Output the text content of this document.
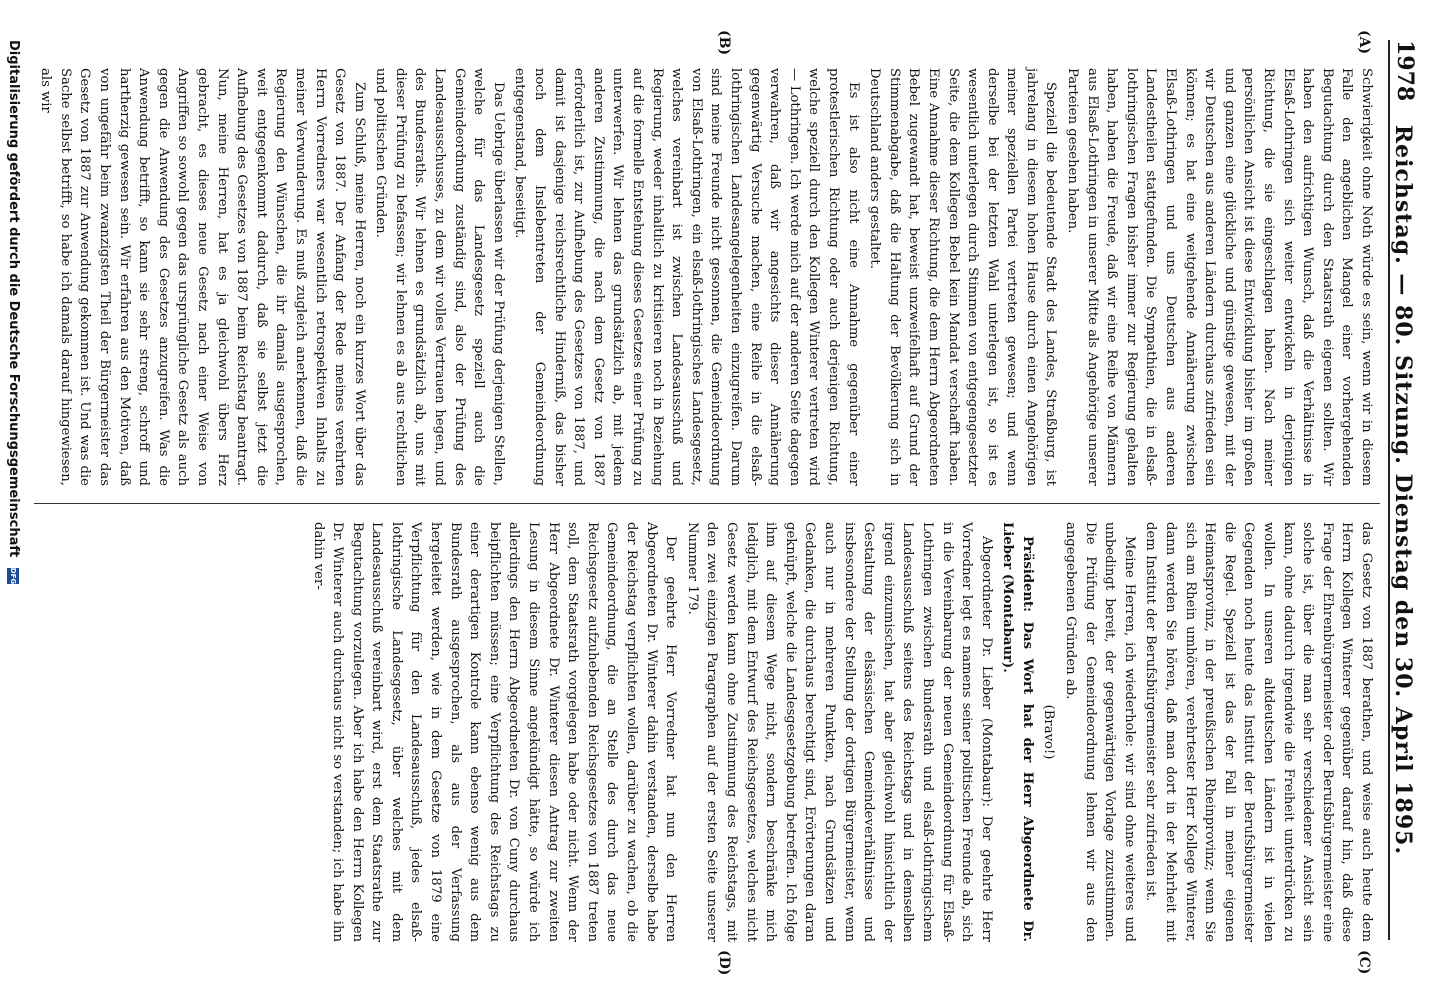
1978
Reichstag. — 80. Sitzung. Dienstag den 30. April 1895.
(A)
(B)
(C)
(D)

Schwierigkeit ohne Noth würde es sein, wenn wir in diesem Falle den angeblichen Mangel einer vorhergehenden Begutachtung durch den Staatsrath eigenen sollten. Wir haben den aufrichtigen Wunsch, daß die Verhältnisse in Elsaß-Lothringen sich weiter entwickeln in derjenigen Richtung, die sie eingeschlagen haben. Nach meiner persönlichen Ansicht ist diese Entwicklung bisher im großen und ganzen eine glückliche und günstige gewesen, mit der wir Deutschen aus anderen Ländern durchaus zufrieden sein können; es hat eine weitgehende Annäherung zwischen Elsaß-Lothringen und uns Deutschen aus anderen Landestheilen stattgefunden. Die Sympathien, die in elsaß-lothringischen Fragen bisher immer zur Regierung gehalten haben, haben die Freude, daß wir eine Reihe von Männern aus Elsaß-Lothringen in unserer Mitte als Angehörige unserer Parteien gesehen haben.

Speziell die bedeutende Stadt des Landes, Straßburg, ist jahrelang in diesem hohen Hause durch einen Angehörigen meiner speziellen Partei vertreten gewesen; und wenn derselbe bei der letzten Wahl unterlegen ist, so ist es wesentlich unterlegen durch Stimmen von entgegengesetzter Seite, die dem Kollegen Bebel kein Mandat verschafft haben. Eine Annahme dieser Richtung, die dem Herrn Abgeordneten Bebel zugewandt hat, beweist unzweifelhaft auf Grund der Stimmenabgabe, daß die Haltung der Bevölkerung sich in Deutschland anders gestaltet.

Es ist also nicht eine Annahme gegenüber einer protestlerischen Richtung oder auch derjenigen Richtung, welche speziell durch den Kollegen Winterer vertreten wird — Lothringen. Ich werde mich auf der anderen Seite dagegen verwahren, daß wir angesichts dieser Annäherung gegenwärtig Versuche machen, eine Reihe in die elsaß-lothringischen Landesangelegenheiten einzugreifen. Darum sind meine Freunde nicht gesonnen, die Gemeindeordnung von Elsaß-Lothringen, ein elsaß-lothringisches Landesgesetz, welches vereinbart ist zwischen Landesausschuß und Regierung, weder inhaltlich zu kritisieren noch in Beziehung auf die formelle Entstehung dieses Gesetzes einer Prüfung zu unterwerfen. Wir lehnen das grundsätzlich ab, mit jedem anderen Zustimmung, die nach dem Gesetz von 1887 erforderlich ist, zur Aufhebung des Gesetzes von 1887, und damit ist dasjenige reichsrechtliche Hinderniß, das bisher noch dem Inslebentreten der Gemeindeordnung entgegenstand, beseitigt.

Das Uebrige überlassen wir der Prüfung derjenigen Stellen, welche für das Landesgesetz speziell auch die Gemeindeordnung zuständig sind, also der Prüfung des Landesausschusses, zu dem wir volles Vertrauen hegen, und des Bundesraths. Wir lehnen es grundsätzlich ab, uns mit dieser Prüfung zu befassen; wir lehnen es ab aus rechtlichen und politischen Gründen.

Zum Schluß, meine Herren, noch ein kurzes Wort über das Gesetz von 1887. Der Anfang der Rede meines verehrten Herrn Vorredners war wesentlich retrospektiven Inhalts zu meiner Verwunderung. Es muß zugleich anerkennen, daß die Regierung den Wünschen, die ihr damals ausgesprochen, weit entgegenkommt dadurch, daß sie selbst jetzt die Aufhebung des Gesetzes von 1887 beim Reichstag beantragt. Nun, meine Herren, hat es ja gleichwohl übers Herz gebracht, es dieses neue Gesetz nach einer Weise von Angriffen so sowohl gegen das ursprüngliche Gesetz als auch gegen die Anwendung des Gesetzes anzugreifen. Was die Anwendung betrifft, so kann sie sehr streng, schroff und hartherzig gewesen sein. Wir erfahren aus den Motiven, daß von ungefähr beim zwanzigsten Theil der Bürgermeister das Gesetz von 1887 zur Anwendung gekommen ist. Und was die Sache selbst betrifft, so habe ich damals darauf hingewiesen, als wir

das Gesetz von 1887 berathen, und weise auch heute dem Herrn Kollegen Winterer gegenüber darauf hin, daß diese Frage der Ehrenbürgermeister oder Berufsbürgermeister eine solche ist, über die man sehr verschiedener Ansicht sein kann, ohne dadurch irgendwie die Freiheit unterdrücken zu wollen. In unseren altdeutschen Ländern ist in vielen Gegenden noch heute das Institut der Berufsbürgermeister die Regel. Speziell ist das der Fall in meiner eigenen Heimatsprovinz, in der preußischen Rheinprovinz; wenn Sie sich am Rhein umhören, verehrtester Herr Kollege Winterer, dann werden Sie hören, daß man dort in der Mehrheit mit dem Institut der Berufsbürgermeister sehr zufrieden ist.

Meine Herren, ich wiederhole: wir sind ohne weiteres und unbedingt bereit, der gegenwärtigen Vorlage zuzustimmen. Die Prüfung der Gemeindeordnung lehnen wir aus den angegebenen Gründen ab.

(Bravo!)

Präsident: Das Wort hat der Herr Abgeordnete Dr. Lieber (Montabaur).

Abgeordneter Dr. Lieber (Montabaur): Der geehrte Herr Vorredner legt es namens seiner politischen Freunde ab, sich in die Vereinbarung der neuen Gemeindeordnung für Elsaß-Lothringen zwischen Bundesrath und elsaß-lothringischem Landesausschuß seitens des Reichstags und in demselben irgend einzumischen, hat aber gleichwohl hinsichtlich der Gestaltung der elsässischen Gemeindeverhältnisse und insbesondere der Stellung der dortigen Bürgermeister, wenn auch nur in mehreren Punkten, nach Grundsätzen und Gedanken, die durchaus berechtigt sind, Erörterungen daran geknüpft, welche die Landesgesetzgebung betreffen. Ich folge ihm auf diesem Wege nicht, sondern beschränke mich lediglich, mit dem Entwurf des Reichsgesetzes, welches nicht Gesetz werden kann ohne Zustimmung des Reichstags, mit den zwei einzigen Paragraphen auf der ersten Seite unserer Nummer 179.

Der geehrte Herr Vorredner hat nun den Herren Abgeordneten Dr. Winterer dahin verstanden, derselbe habe der Reichstag verpflichten wollen, darüber zu wachen, ob die Gemeindeordnung, die an Stelle des durch das neue Reichsgesetz aufzuhebenden Reichsgesetzes von 1887 treten soll, dem Staatsrath vorgelegen habe oder nicht. Wenn der Herr Abgeordnete Dr. Winterer diesen Antrag zur zweiten Lesung in diesem Sinne angekündigt hätte, so würde ich allerdings den Herrn Abgeordneten Dr. von Cuny durchaus beipflichten müssen; eine Verpflichtung des Reichstags zu einer derartigen Kontrole kann ebenso wenig aus dem Bundesrath ausgesprochen, als aus der Verfassung hergeleitet werden, wie in dem Gesetze von 1879 eine Verpflichtung für den Landesausschuß, jedes elsaß-lothringische Landesgesetz, über welches mit dem Landesausschuß vereinbart wird, erst dem Staatsrathe zur Begutachtung vorzulegen. Aber ich habe den Herrn Kollegen Dr. Winterer auch durchaus nicht so verstanden; ich habe ihn dahin ver-

Digitalisierung gefördert durch die Deutsche Forschungsgemeinschaft DFG
